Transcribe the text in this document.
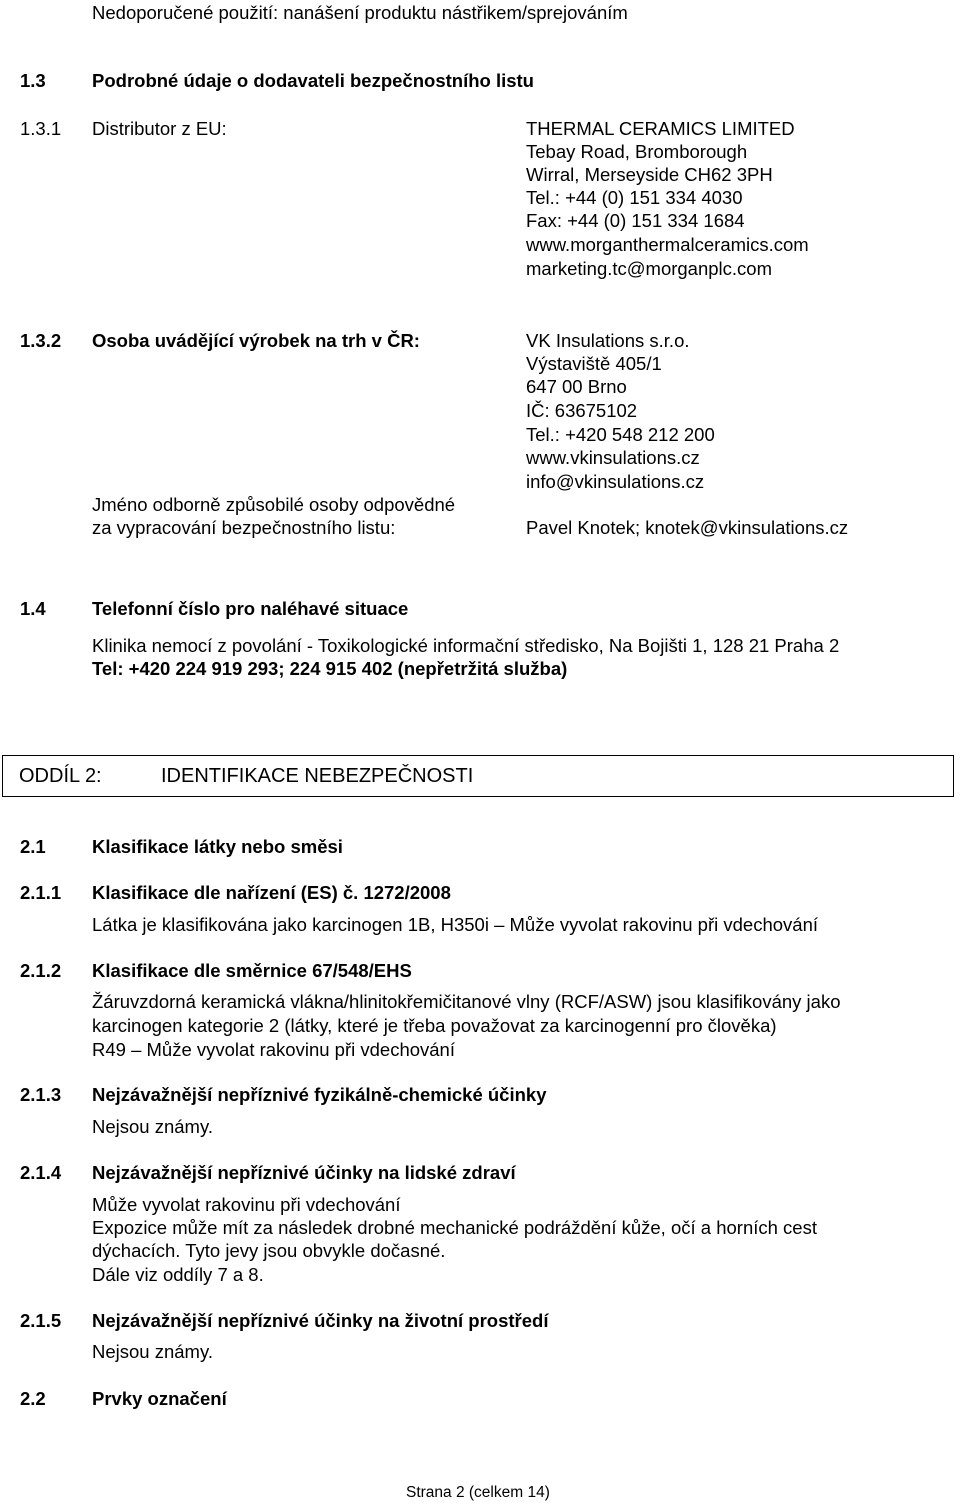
Nedoporučené použití: nanášení produktu nástřikem/sprejováním
1.3	Podrobné údaje o dodavateli bezpečnostního listu
1.3.1 Distributor z EU:	THERMAL CERAMICS LIMITED
Tebay Road, Bromborough
Wirral, Merseyside CH62 3PH
Tel.: +44 (0) 151 334 4030
Fax: +44 (0) 151 334 1684
www.morganthermalceramics.com
marketing.tc@morganplc.com
1.3.2 Osoba uvádějící výrobek na trh v ČR:	VK Insulations s.r.o.
Výstaviště 405/1
647 00 Brno
IČ: 63675102
Tel.: +420 548 212 200
www.vkinsulations.cz
info@vkinsulations.cz
Jméno odborně způsobilé osoby odpovědné
za vypracování bezpečnostního listu:	Pavel Knotek; knotek@vkinsulations.cz
1.4	Telefonní číslo pro naléhavé situace
Klinika nemocí z povolání - Toxikologické informační středisko, Na Bojišti 1, 128 21 Praha 2
Tel: +420 224 919 293; 224 915 402 (nepřetržitá služba)
ODDÍL 2:	IDENTIFIKACE NEBEZPEČNOSTI
2.1	Klasifikace látky nebo směsi
2.1.1 Klasifikace dle nařízení (ES) č. 1272/2008
Látka je klasifikována jako karcinogen 1B, H350i – Může vyvolat rakovinu při vdechování
2.1.2 Klasifikace dle směrnice 67/548/EHS
Žáruvzdorná keramická vlákna/hlinitokřemičitanové vlny (RCF/ASW) jsou klasifikovány jako
karcinogen kategorie 2 (látky, které je třeba považovat za karcinogenní pro člověka)
R49 – Může vyvolat rakovinu při vdechování
2.1.3 Nejzávažnější nepříznivé fyzikálně-chemické účinky
Nejsou známy.
2.1.4 Nejzávažnější nepříznivé účinky na lidské zdraví
Může vyvolat rakovinu při vdechování
Expozice může mít za následek drobné mechanické podráždění kůže, očí a horních cest
dýchacích. Tyto jevy jsou obvykle dočasné.
Dále viz oddíly 7 a 8.
2.1.5 Nejzávažnější nepříznivé účinky na životní prostředí
Nejsou známy.
2.2	Prvky označení
Strana 2 (celkem 14)
